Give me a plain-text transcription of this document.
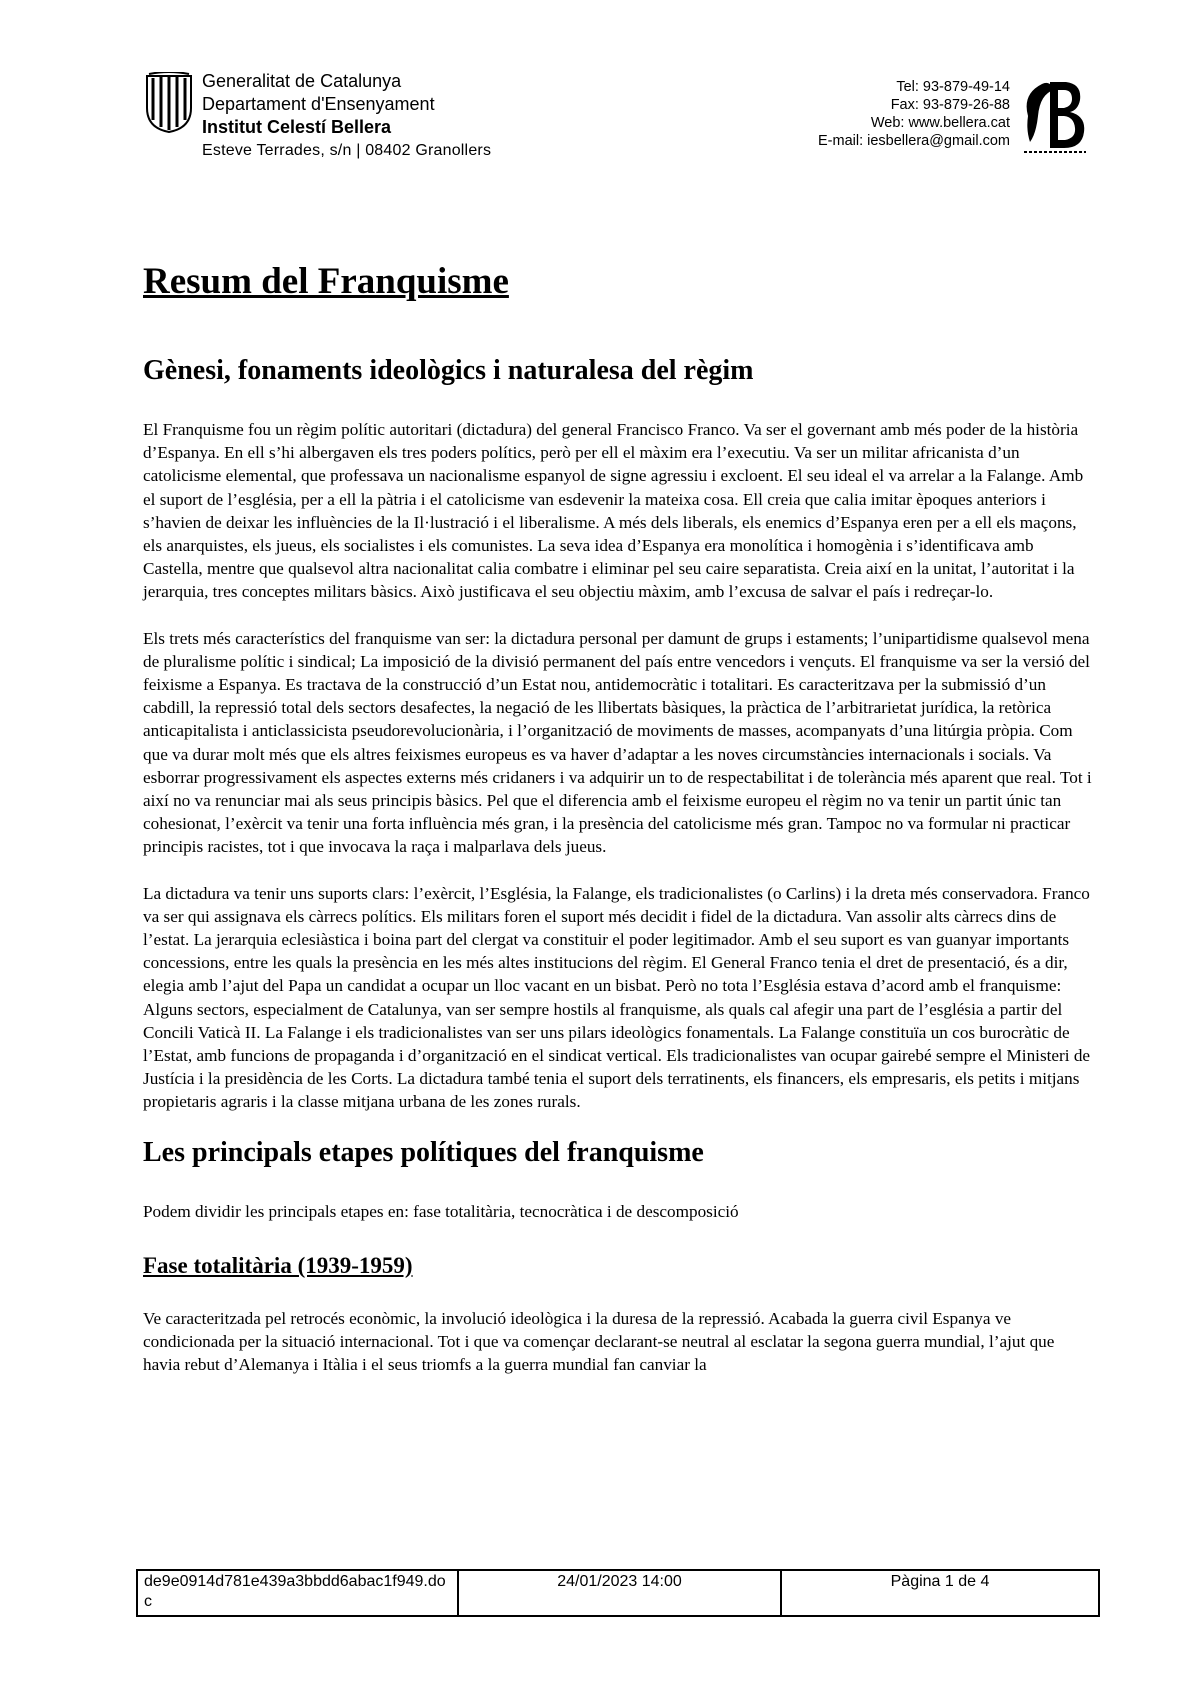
Generalitat de Catalunya
Departament d'Ensenyament
Institut Celestí Bellera
Esteve Terrades, s/n | 08402 Granollers
Tel: 93-879-49-14
Fax: 93-879-26-88
Web: www.bellera.cat
E-mail: iesbellera@gmail.com
Resum del Franquisme
Gènesi, fonaments ideològics i naturalesa del règim

El Franquisme fou un règim polític autoritari (dictadura) del general Francisco Franco. Va ser el governant amb més poder de la història d’Espanya. En ell s’hi albergaven els tres poders polítics, però per ell el màxim era l’executiu. Va ser un militar africanista d’un catolicisme elemental, que professava un nacionalisme espanyol de signe agressiu i excloent. El seu ideal el va arrelar a la Falange. Amb el suport de l’església, per a ell la pàtria i el catolicisme van esdevenir la mateixa cosa. Ell creia que calia imitar èpoques anteriors i s’havien de deixar les influències de la Il·lustració i el liberalisme. A més dels liberals, els enemics d’Espanya eren per a ell els maçons, els anarquistes, els jueus, els socialistes i els comunistes. La seva idea d’Espanya era monolítica i homogènia i s’identificava amb Castella, mentre que qualsevol altra nacionalitat calia combatre i eliminar pel seu caire separatista. Creia així en la unitat, l’autoritat i la jerarquia, tres conceptes militars bàsics. Això justificava el seu objectiu màxim, amb l’excusa de salvar el país i redreçar-lo.

Els trets més característics del franquisme van ser: la dictadura personal per damunt de grups i estaments; l’unipartidisme qualsevol mena de pluralisme polític i sindical; La imposició de la divisió permanent del país entre vencedors i vençuts. El franquisme va ser la versió del feixisme a Espanya. Es tractava de la construcció d’un Estat nou, antidemocràtic i totalitari. Es caracteritzava per la submissió d’un cabdill, la repressió total dels sectors desafectes, la negació de les llibertats bàsiques, la pràctica de l’arbitrarietat jurídica, la retòrica anticapitalista i anticlassicista pseudorevolucionària, i l’organització de moviments de masses, acompanyats d’una litúrgia pròpia. Com que va durar molt més que els altres feixismes europeus es va haver d’adaptar a les noves circumstàncies internacionals i socials. Va esborrar progressivament els aspectes externs més cridaners i va adquirir un to de respectabilitat i de tolerància més aparent que real. Tot i així no va renunciar mai als seus principis bàsics. Pel que el diferencia amb el feixisme europeu el règim no va tenir un partit únic tan cohesionat, l’exèrcit va tenir una forta influència més gran, i la presència del catolicisme més gran. Tampoc no va formular ni practicar principis racistes, tot i que invocava la raça i malparlava dels jueus.

La dictadura va tenir uns suports clars: l’exèrcit, l’Església, la Falange, els tradicionalistes (o Carlins) i la dreta més conservadora. Franco va ser qui assignava els càrrecs polítics. Els militars foren el suport més decidit i fidel de la dictadura. Van assolir alts càrrecs dins de l’estat. La jerarquia eclesiàstica i boina part del clergat va constituir el poder legitimador. Amb el seu suport es van guanyar importants concessions, entre les quals la presència en les més altes institucions del règim. El General Franco tenia el dret de presentació, és a dir, elegia amb l’ajut del Papa un candidat a ocupar un lloc vacant en un bisbat. Però no tota l’Església estava d’acord amb el franquisme: Alguns sectors, especialment de Catalunya, van ser sempre hostils al franquisme, als quals cal afegir una part de l’església a partir del Concili Vaticà II. La Falange i els tradicionalistes van ser uns pilars ideològics fonamentals. La Falange constituïa un cos burocràtic de l’Estat, amb funcions de propaganda i d’organització en el sindicat vertical. Els tradicionalistes van ocupar gairebé sempre el Ministeri de Justícia i la presidència de les Corts. La dictadura també tenia el suport dels terratinents, els financers, els empresaris, els petits i mitjans propietaris agraris i la classe mitjana urbana de les zones rurals.

Les principals etapes polítiques del franquisme

Podem dividir les principals etapes en: fase totalitària, tecnocràtica i de descomposició

Fase totalitària (1939-1959)

Ve caracteritzada pel retrocés econòmic, la involució ideològica i la duresa de la repressió. Acabada la guerra civil Espanya ve condicionada per la situació internacional. Tot i que va començar declarant-se neutral al esclatar la segona guerra mundial, l’ajut que havia rebut d’Alemanya i Itàlia i el seus triomfs a la guerra mundial fan canviar la

de9e0914d781e439a3bbdd6abac1f949.doc
24/01/2023 14:00	Pàgina 1 de 4
